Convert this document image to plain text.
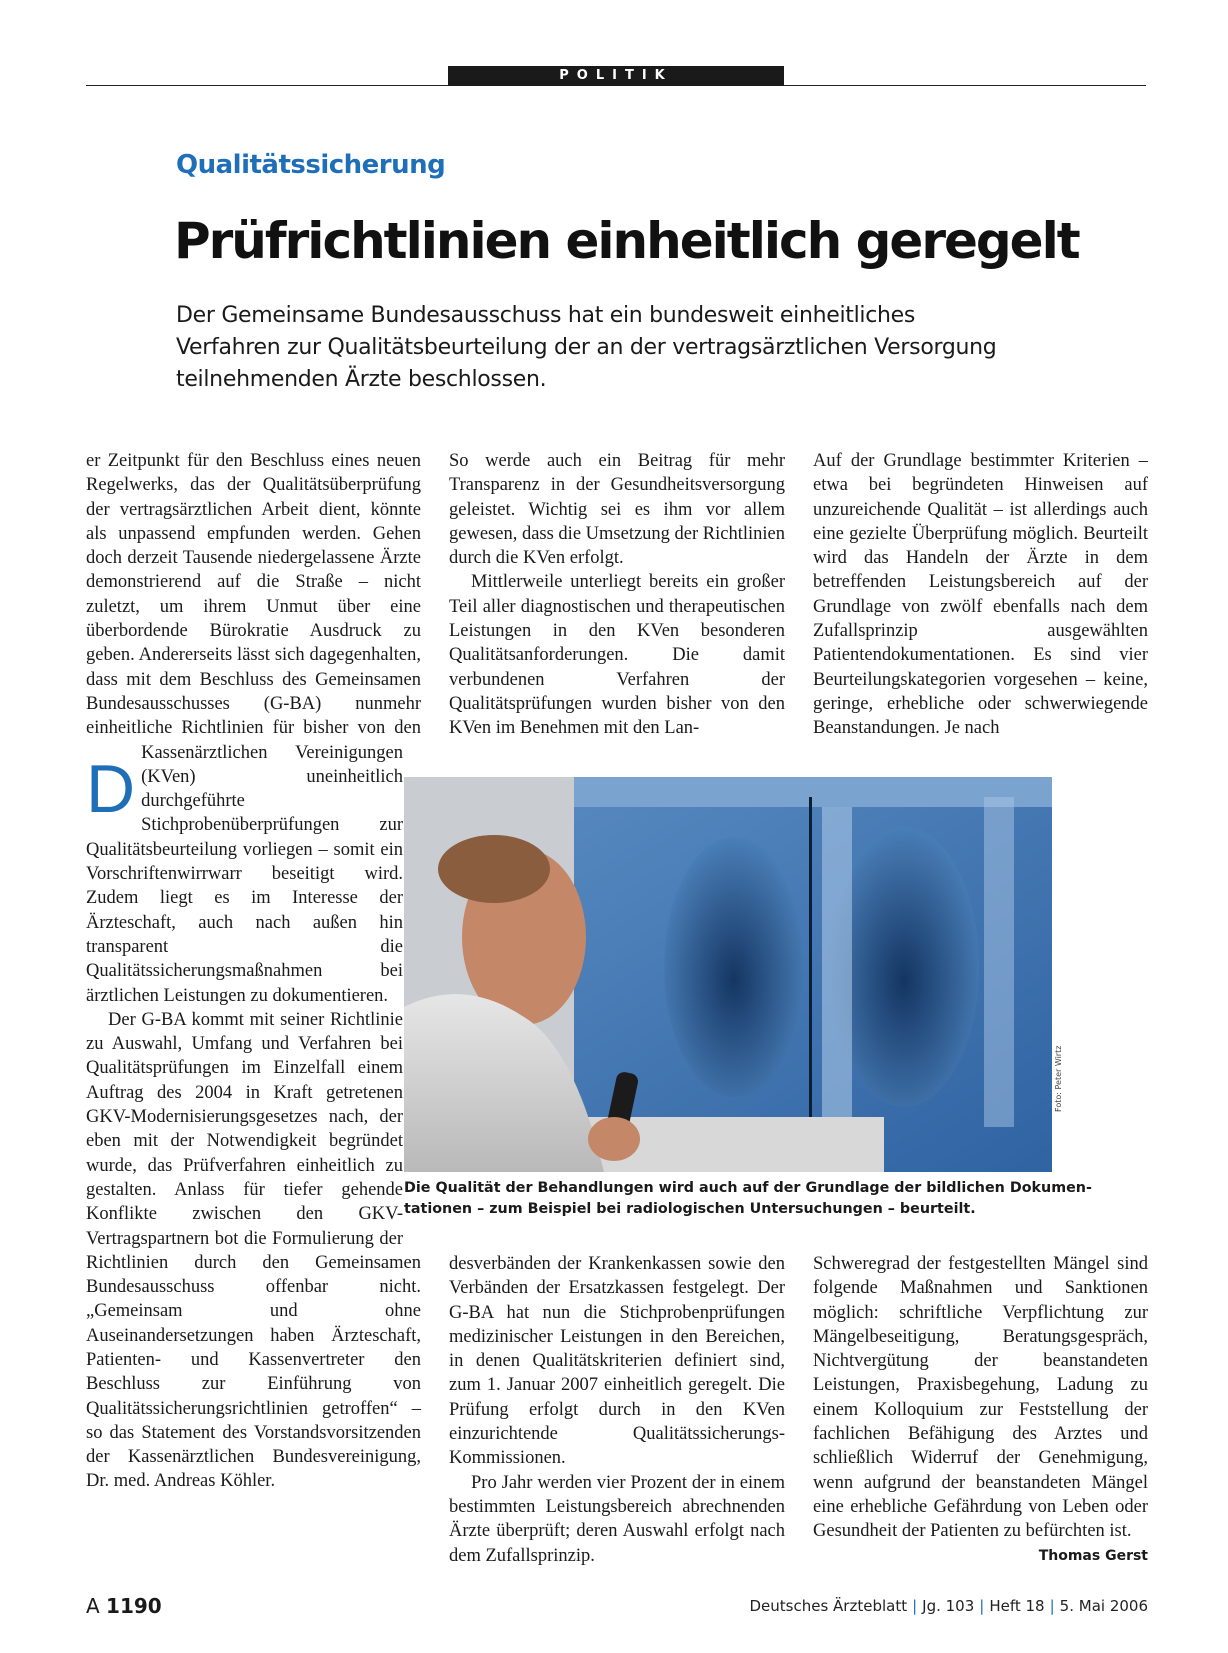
POLITIK
Qualitätssicherung
Prüfrichtlinien einheitlich geregelt
Der Gemeinsame Bundesausschuss hat ein bundesweit einheitliches
Verfahren zur Qualitätsbeurteilung der an der vertragsärztlichen Versorgung
teilnehmenden Ärzte beschlossen.

D
er Zeitpunkt für den Beschluss eines neuen Regelwerks, das der Qualitätsüberprüfung der vertragsärztlichen Arbeit dient, könnte als unpassend empfunden werden. Gehen doch derzeit Tausende niedergelassene Ärzte demonstrierend auf die Straße – nicht zuletzt, um ihrem Unmut über eine überbordende Bürokratie Ausdruck zu geben. Andererseits lässt sich dagegenhalten, dass mit dem Beschluss des Gemeinsamen Bundesausschusses (G-BA) nunmehr einheitliche Richtlinien für bisher von den Kassenärztlichen Vereinigungen (KVen) uneinheitlich durchgeführte Stichprobenüberprüfungen zur Qualitätsbeurteilung vorliegen – somit ein Vorschriftenwirrwarr beseitigt wird. Zudem liegt es im Interesse der Ärzteschaft, auch nach außen hin transparent die Qualitätssicherungsmaßnahmen bei ärztlichen Leistungen zu dokumentieren.

Der G-BA kommt mit seiner Richtlinie zu Auswahl, Umfang und Verfahren bei Qualitätsprüfungen im Einzelfall einem Auftrag des 2004 in Kraft getretenen GKV-Modernisierungsgesetzes nach, der eben mit der Notwendigkeit begründet wurde, das Prüfverfahren einheitlich zu gestalten. Anlass für tiefer gehende Konflikte zwischen den GKV-Vertragspartnern bot die Formulierung der Richtlinien durch den Gemeinsamen Bundesausschuss offenbar nicht. „Gemeinsam und ohne Auseinandersetzungen haben Ärzteschaft, Patienten- und Kassenvertreter den Beschluss zur Einführung von Qualitätssicherungsrichtlinien getroffen“ – so das Statement des Vorstandsvorsitzenden der Kassenärztlichen Bundesvereinigung, Dr. med. Andreas Köhler.

So werde auch ein Beitrag für mehr Transparenz in der Gesundheitsversorgung geleistet. Wichtig sei es ihm vor allem gewesen, dass die Umsetzung der Richtlinien durch die KVen erfolgt.

Mittlerweile unterliegt bereits ein großer Teil aller diagnostischen und therapeutischen Leistungen in den KVen besonderen Qualitätsanforderungen. Die damit verbundenen Verfahren der Qualitätsprüfungen wurden bisher von den KVen im Benehmen mit den Lan-

Auf der Grundlage bestimmter Kriterien – etwa bei begründeten Hinweisen auf unzureichende Qualität – ist allerdings auch eine gezielte Überprüfung möglich. Beurteilt wird das Handeln der Ärzte in dem betreffenden Leistungsbereich auf der Grundlage von zwölf ebenfalls nach dem Zufallsprinzip ausgewählten Patientendokumentationen. Es sind vier Beurteilungskategorien vorgesehen – keine, geringe, erhebliche oder schwerwiegende Beanstandungen. Je nach

Foto: Peter Wirtz
Die Qualität der Behandlungen wird auch auf der Grundlage der bildlichen Dokumen-
tationen – zum Beispiel bei radiologischen Untersuchungen – beurteilt.

desverbänden der Krankenkassen sowie den Verbänden der Ersatzkassen festgelegt. Der G-BA hat nun die Stichprobenprüfungen medizinischer Leistungen in den Bereichen, in denen Qualitätskriterien definiert sind, zum 1. Januar 2007 einheitlich geregelt. Die Prüfung erfolgt durch in den KVen einzurichtende Qualitätssicherungs-Kommissionen.

Pro Jahr werden vier Prozent der in einem bestimmten Leistungsbereich abrechnenden Ärzte überprüft; deren Auswahl erfolgt nach dem Zufallsprinzip.

Schweregrad der festgestellten Mängel sind folgende Maßnahmen und Sanktionen möglich: schriftliche Verpflichtung zur Mängelbeseitigung, Beratungsgespräch, Nichtvergütung der beanstandeten Leistungen, Praxisbegehung, Ladung zu einem Kolloquium zur Feststellung der fachlichen Befähigung des Arztes und schließlich Widerruf der Genehmigung, wenn aufgrund der beanstandeten Mängel eine erhebliche Gefährdung von Leben oder Gesundheit der Patienten zu befürchten ist.
Thomas Gerst

A 1190	Deutsches Ärzteblatt | Jg. 103 | Heft 18 | 5. Mai 2006
